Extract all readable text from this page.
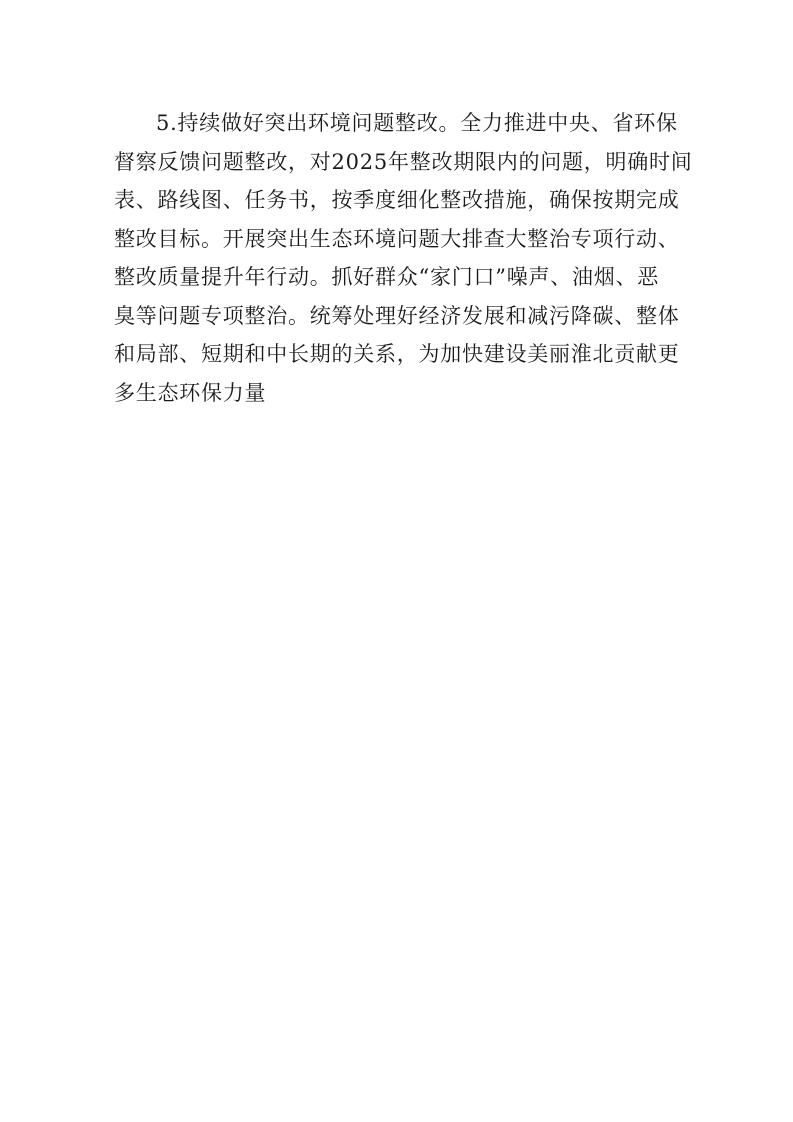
5.持续做好突出环境问题整改。全力推进中央、省环保
督察反馈问题整改，对2025年整改期限内的问题，明确时间
表、路线图、任务书，按季度细化整改措施，确保按期完成
整改目标。开展突出生态环境问题大排查大整治专项行动、
整改质量提升年行动。抓好群众“家门口”噪声、油烟、恶
臭等问题专项整治。统筹处理好经济发展和减污降碳、整体
和局部、短期和中长期的关系，为加快建设美丽淮北贡献更
多生态环保力量
